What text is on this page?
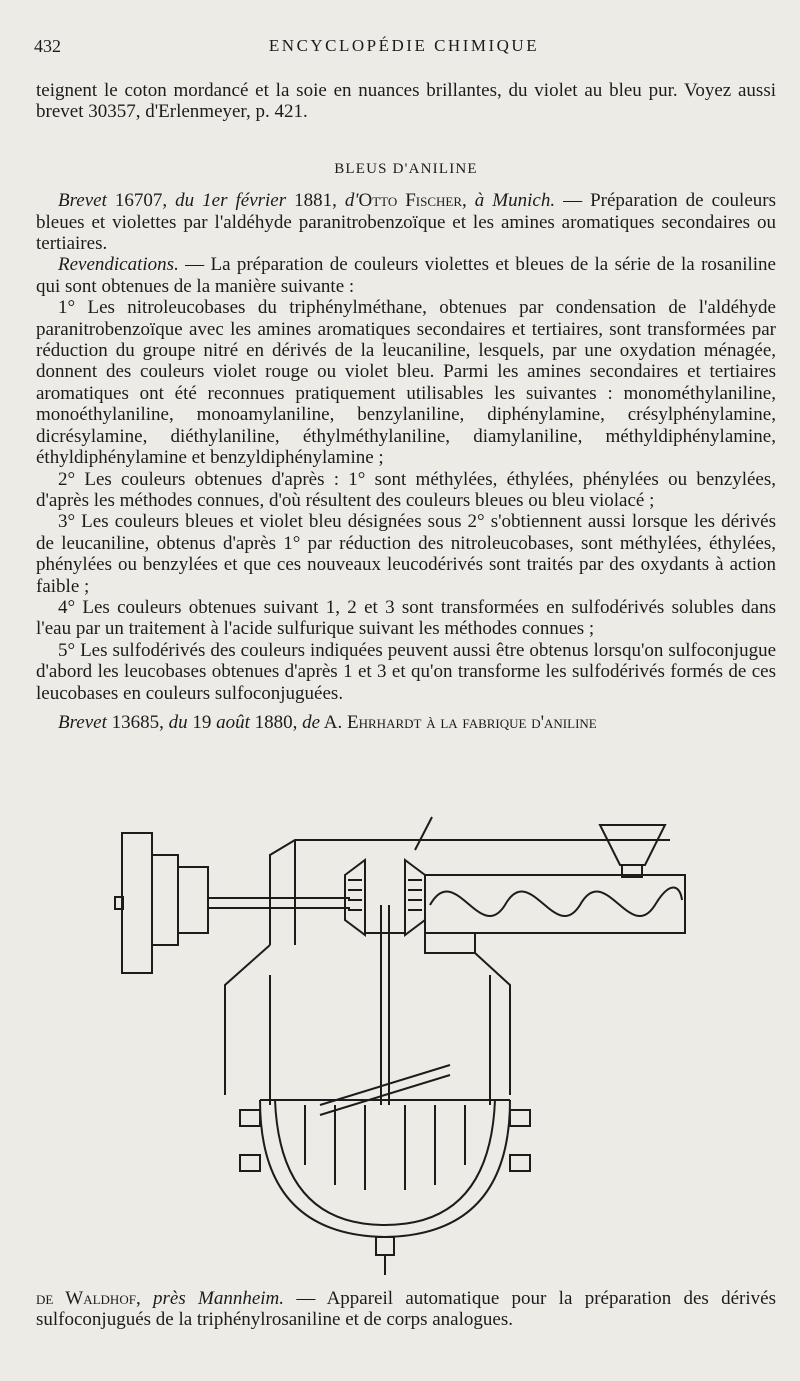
432	ENCYCLOPÉDIE CHIMIQUE

teignent le coton mordancé et la soie en nuances brillantes, du violet au bleu pur. Voyez aussi brevet 30357, d'Erlenmeyer, p. 421.

BLEUS D'ANILINE

Brevet 16707, du 1er février 1881, d'Otto Fischer, à Munich. — Préparation de couleurs bleues et violettes par l'aldéhyde paranitrobenzoïque et les amines aromatiques secondaires ou tertiaires.

Revendications. — La préparation de couleurs violettes et bleues de la série de la rosaniline qui sont obtenues de la manière suivante :

1° Les nitroleucobases du triphénylméthane, obtenues par condensation de l'aldéhyde paranitrobenzoïque avec les amines aromatiques secondaires et tertiaires, sont transformées par réduction du groupe nitré en dérivés de la leucaniline, lesquels, par une oxydation ménagée, donnent des couleurs violet rouge ou violet bleu. Parmi les amines secondaires et tertiaires aromatiques ont été reconnues pratiquement utilisables les suivantes : monométhylaniline, monoéthylaniline, monoamylaniline, benzylaniline, diphénylamine, crésylphénylamine, dicrésylamine, diéthylaniline, éthylméthylaniline, diamylaniline, méthyldiphénylamine, éthyldiphénylamine et benzyldiphénylamine ;

2° Les couleurs obtenues d'après : 1° sont méthylées, éthylées, phénylées ou benzylées, d'après les méthodes connues, d'où résultent des couleurs bleues ou bleu violacé ;

3° Les couleurs bleues et violet bleu désignées sous 2° s'obtiennent aussi lorsque les dérivés de leucaniline, obtenus d'après 1° par réduction des nitroleucobases, sont méthylées, éthylées, phénylées ou benzylées et que ces nouveaux leucodérivés sont traités par des oxydants à action faible ;

4° Les couleurs obtenues suivant 1, 2 et 3 sont transformées en sulfodérivés solubles dans l'eau par un traitement à l'acide sulfurique suivant les méthodes connues ;

5° Les sulfodérivés des couleurs indiquées peuvent aussi être obtenus lorsqu'on sulfoconjugue d'abord les leucobases obtenues d'après 1 et 3 et qu'on transforme les sulfodérivés formés de ces leucobases en couleurs sulfoconjuguées.

Brevet 13685, du 19 août 1880, de A. Ehrhardt à la fabrique d'aniline

de Waldhof, près Mannheim. — Appareil automatique pour la préparation des dérivés sulfoconjugués de la triphénylrosaniline et de corps analogues.
